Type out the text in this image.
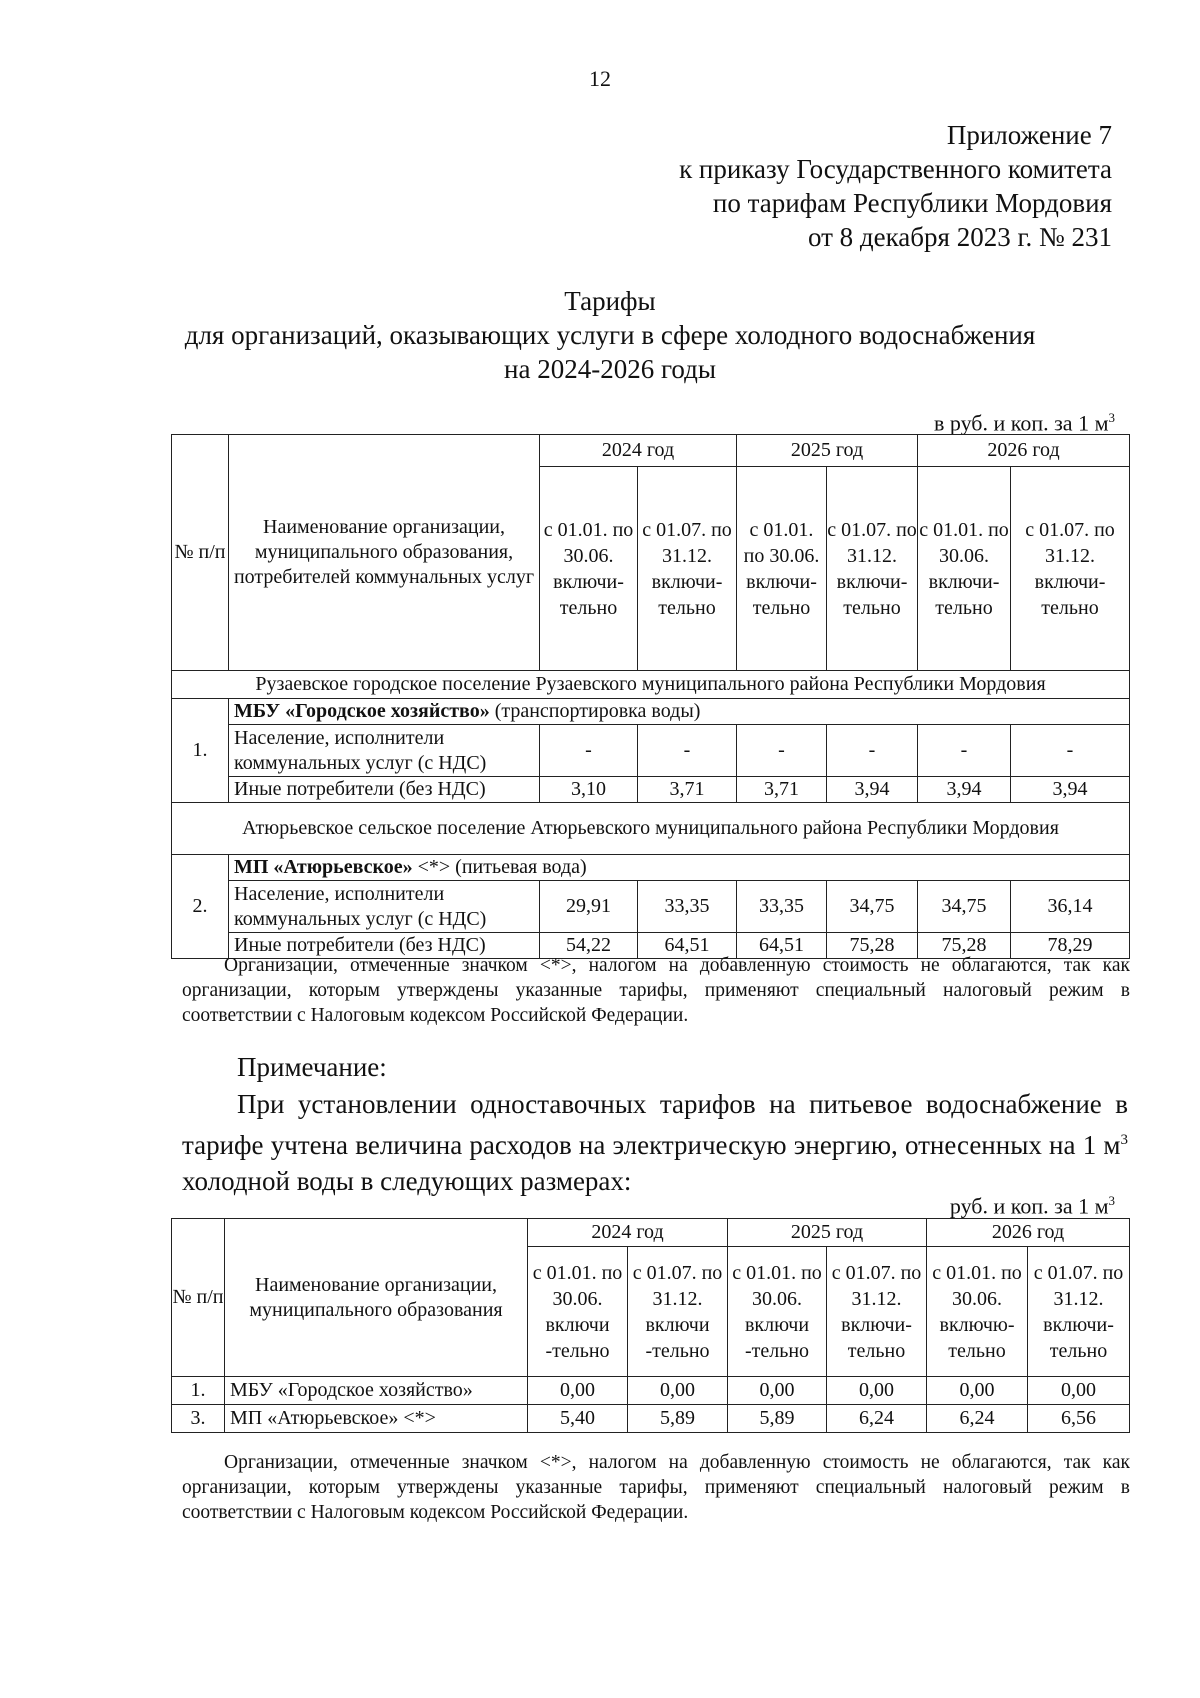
12
Приложение 7
к приказу Государственного комитета
по тарифам Республики Мордовия
от 8 декабря 2023 г. № 231
Тарифы
для организаций, оказывающих услуги в сфере холодного водоснабжения
на 2024-2026 годы
в руб. и коп. за 1 $м^3$
№ п/п	Наименование организации, муниципального образования, потребителей коммунальных услуг	2024 год		2025 год		2026 год	
		с 01.01. по 30.06. включи-тельно	с 01.07. по 31.12. включи-тельно	с 01.01. по 30.06. включи-тельно	с 01.07. по 31.12. включи-тельно	с 01.01. по 30.06. включи-тельно	с 01.07. по 31.12. включи-тельно
Рузаевское городское поселение Рузаевского муниципального района Республики Мордовия							
1.	МБУ «Городское хозяйство» (транспортировка воды)						
	Население, исполнители коммунальных услуг (с НДС)	-	-	-	-	-	-
	Иные потребители (без НДС)	3,10	3,71	3,71	3,94	3,94	3,94
Атюрьевское сельское поселение Атюрьевского муниципального района Республики Мордовия							
2.	МП «Атюрьевское» <*> (питьевая вода)						
	Население, исполнители коммунальных услуг (с НДС)	29,91	33,35	33,35	34,75	34,75	36,14
	Иные потребители (без НДС)	54,22	64,51	64,51	75,28	75,28	78,29
Организации, отмеченные значком <*>, налогом на добавленную стоимость не облагаются, так как организации, которым утверждены указанные тарифы, применяют специальный налоговый режим в соответствии с Налоговым кодексом Российской Федерации.
Примечание:
При установлении одноставочных тарифов на питьевое водоснабжение в тарифе учтена величина расходов на электрическую энергию, отнесенных на 1 $м^3$ холодной воды в следующих размерах:
руб. и коп. за 1 $м^3$
№ п/п	Наименование организации, муниципального образования	2024 год		2025 год		2026 год	
		с 01.01. по 30.06. включи -тельно	с 01.07. по 31.12. включи -тельно	с 01.01. по 30.06. включи -тельно	с 01.07. по 31.12. включи-тельно	с 01.01. по 30.06. включю-тельно	с 01.07. по 31.12. включи-тельно
1.	МБУ «Городское хозяйство»	0,00	0,00	0,00	0,00	0,00	0,00
3.	МП «Атюрьевское» <*>	5,40	5,89	5,89	6,24	6,24	6,56
Организации, отмеченные значком <*>, налогом на добавленную стоимость не облагаются, так как организации, которым утверждены указанные тарифы, применяют специальный налоговый режим в соответствии с Налоговым кодексом Российской Федерации.
